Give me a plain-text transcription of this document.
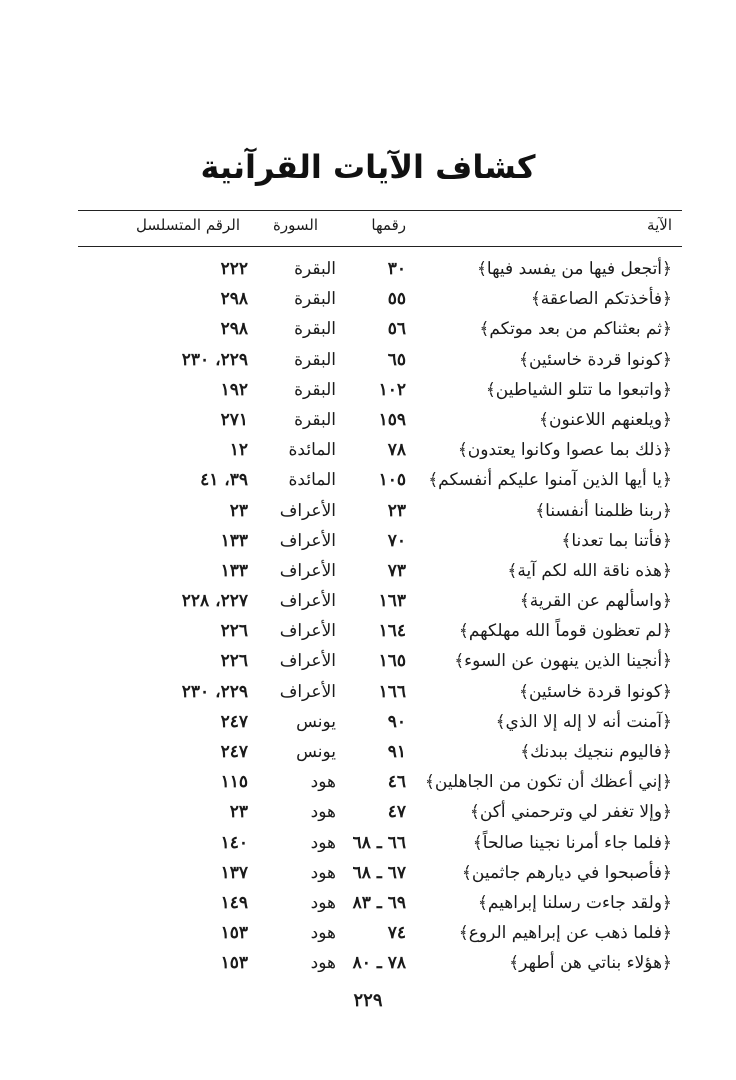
كشاف الآيات القرآنية
الآية
رقمها
السورة
الرقم المتسلسل
﴿أتجعل فيها من يفسد فيها﴾
٣٠
البقرة
٢٢٢
﴿فأخذتكم الصاعقة﴾
٥٥
البقرة
٢٩٨
﴿ثم بعثناكم من بعد موتكم﴾
٥٦
البقرة
٢٩٨
﴿كونوا قردة خاسئين﴾
٦٥
البقرة
٢٢٩، ٢٣٠
﴿واتبعوا ما تتلو الشياطين﴾
١٠٢
البقرة
١٩٢
﴿ويلعنهم اللاعنون﴾
١٥٩
البقرة
٢٧١
﴿ذلك بما عصوا وكانوا يعتدون﴾
٧٨
المائدة
١٢
﴿يا أيها الذين آمنوا عليكم أنفسكم﴾
١٠٥
المائدة
٣٩، ٤١
﴿ربنا ظلمنا أنفسنا﴾
٢٣
الأعراف
٢٣
﴿فأتنا بما تعدنا﴾
٧٠
الأعراف
١٣٣
﴿هذه ناقة الله لكم آية﴾
٧٣
الأعراف
١٣٣
﴿واسألهم عن القرية﴾
١٦٣
الأعراف
٢٢٧، ٢٢٨
﴿لم تعظون قوماً الله مهلكهم﴾
١٦٤
الأعراف
٢٢٦
﴿أنجينا الذين ينهون عن السوء﴾
١٦٥
الأعراف
٢٢٦
﴿كونوا قردة خاسئين﴾
١٦٦
الأعراف
٢٢٩، ٢٣٠
﴿آمنت أنه لا إله إلا الذي﴾
٩٠
يونس
٢٤٧
﴿فاليوم ننجيك ببدنك﴾
٩١
يونس
٢٤٧
﴿إني أعظك أن تكون من الجاهلين﴾
٤٦
هود
١١٥
﴿وإلا تغفر لي وترحمني أكن﴾
٤٧
هود
٢٣
﴿فلما جاء أمرنا نجينا صالحاً﴾
٦٦ ـ ٦٨
هود
١٤٠
﴿فأصبحوا في ديارهم جاثمين﴾
٦٧ ـ ٦٨
هود
١٣٧
﴿ولقد جاءت رسلنا إبراهيم﴾
٦٩ ـ ٨٣
هود
١٤٩
﴿فلما ذهب عن إبراهيم الروع﴾
٧٤
هود
١٥٣
﴿هؤلاء بناتي هن أطهر﴾
٧٨ ـ ٨٠
هود
١٥٣
٢٢٩
